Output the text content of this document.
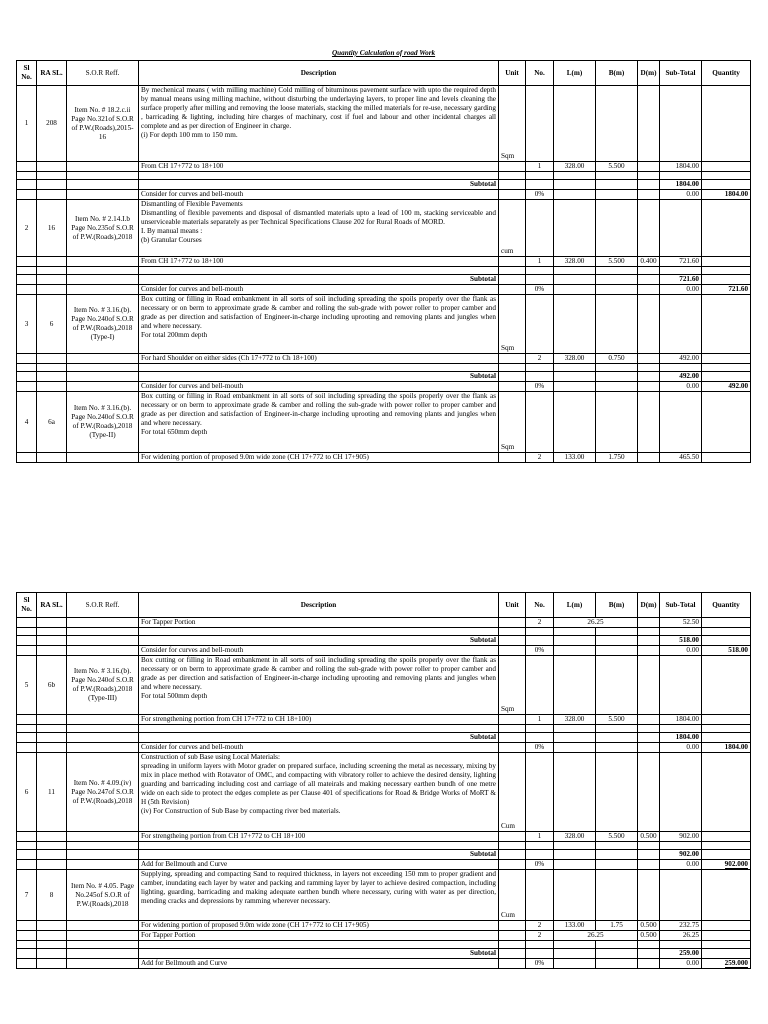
Quantity Calculation of road Work										
Sl No.	RA SL.	S.O.R Reff.	Description	Unit	No.	L(m)	B(m)	D(m)	Sub-Total	Quantity
1	208	Item No. # 18.2.c.ii Page No.321of S.O.R of P.W.(Roads),2015-16	By mechenical means ( with milling machine) Cold milling of bituminous pavement surface with upto the required depth by manual means using milling machine, without disturbing the underlaying layers, to proper line and levels cleaning the surface properly after milling and removing the loose materials, stacking the milled materials for re-use, necessary garding , barricading & lighting, including hire charges of machinary, cost if fuel and labour and other incidental charges all complete and as per direction of Engineer in charge.
(i) For depth 100 mm to 150 mm.	Sqm						
			From CH 17+772 to 18+100		1	328.00	5.500		1804.00	

			Subtotal						1804.00	
			Consider for curves and bell-mouth		0%				0.00	1804.00
2	16	Item No. # 2.14.I.b Page No.235of S.O.R of P.W.(Roads),2018	Dismantling of Flexible Pavements
Dismantling of flexible pavements and disposal of dismantled materials upto a lead of 100 m, stacking serviceable and unserviceable materials separately as per Technical Specifications Clause 202 for Rural Roads of MORD.
I. By manual means :
(b) Granular Courses	cum						
			From CH 17+772 to 18+100		1	328.00	5.500	0.400	721.60	

			Subtotal						721.60	
			Consider for curves and bell-mouth		0%				0.00	721.60
3	6	Item No. # 3.16.(b). Page No.240of S.O.R of P.W.(Roads),2018 (Type-I)	Box cutting or filling in Road embankment in all sorts of soil including spreading the spoils properly over the flank as necessary or on berm to approximate grade & camber and rolling the sub-grade with power roller to proper camber and grade as per direction and satisfaction of Engineer-in-charge including uprooting and removing plants and jungles when and where necessary.
For total 200mm depth	Sqm						
			For hard Shoulder on either sides (Ch 17+772 to Ch 18+100)		2	328.00	0.750		492.00	

			Subtotal						492.00	
			Consider for curves and bell-mouth		0%				0.00	492.00
4	6a	Item No. # 3.16.(b). Page No.240of S.O.R of P.W.(Roads),2018 (Type-II)	Box cutting or filling in Road embankment in all sorts of soil including spreading the spoils properly over the flank as necessary or on berm to approximate grade & camber and rolling the sub-grade with power roller to proper camber and grade as per direction and satisfaction of Engineer-in-charge including uprooting and removing plants and jungles when and where necessary.
For total 650mm depth	Sqm						
			For widening portion of proposed 9.0m wide zone (CH 17+772 to CH 17+905)		2	133.00	1.750		465.50	
Sl No.	RA SL.	S.O.R Reff.	Description	Unit	No.	L(m)	B(m)	D(m)	Sub-Total	Quantity
			For Tapper Portion		2	26.25			52.50	

			Subtotal						518.00	
			Consider for curves and bell-mouth		0%				0.00	518.00
5	6b	Item No. # 3.16.(b). Page No.240of S.O.R of P.W.(Roads),2018 (Type-III)	Box cutting or filling in Road embankment in all sorts of soil including spreading the spoils properly over the flank as necessary or on berm to approximate grade & camber and rolling the sub-grade with power roller to proper camber and grade as per direction and satisfaction of Engineer-in-charge including uprooting and removing plants and jungles when and where necessary.
For total 500mm depth	Sqm						
			For strengthening portion from CH 17+772 to CH 18+100)		1	328.00	5.500		1804.00	

			Subtotal						1804.00	
			Consider for curves and bell-mouth		0%				0.00	1804.00
6	11	Item No. # 4.09.(iv) Page No.247of S.O.R of P.W.(Roads),2018	Construction of sub Base using Local Materials:
spreading in uniform layers with Motor grader on prepared surface, including screening the metal as necessary, mixing by mix in place method with Rotavator of OMC, and compacting with vibratory roller to achieve the desired density, lighting guarding and barricading including cost and carriage of all mateirals and making necessary earthen bundh of one metre wide on each side to protect the edges complete as per Clause 401 of specifications for Road & Bridge Works of MoRT & H (5th Revision)
(iv) For Construction of Sub Base by compacting river bed materials.	Cum						
			For strengtheing portion from CH 17+772 to CH 18+100		1	328.00	5.500	0.500	902.00	

			Subtotal						902.00	
			Add for Bellmouth and Curve		0%				0.00	902.000
7	8	Item No. # 4.05. Page No.245of S.O.R of P.W.(Roads),2018	Supplying, spreading and compacting Sand to required thickness, in layers not exceeding 150 mm to proper gradient and camber, inundating each layer by water and packing and ramming layer by layer to achieve desired compaction, including lighting, guarding, barricading and making adequate earthen bundh where necessary, curing with water as per direction, mending cracks and depressions by ramming wherever necessary.	Cum						
			For widening portion of proposed 9.0m wide zone (CH 17+772 to CH 17+905)		2	133.00	1.75	0.500	232.75	
			For Tapper Portion		2	26.25		0.500	26.25	

			Subtotal						259.00	
			Add for Bellmouth and Curve		0%				0.00	259.000
